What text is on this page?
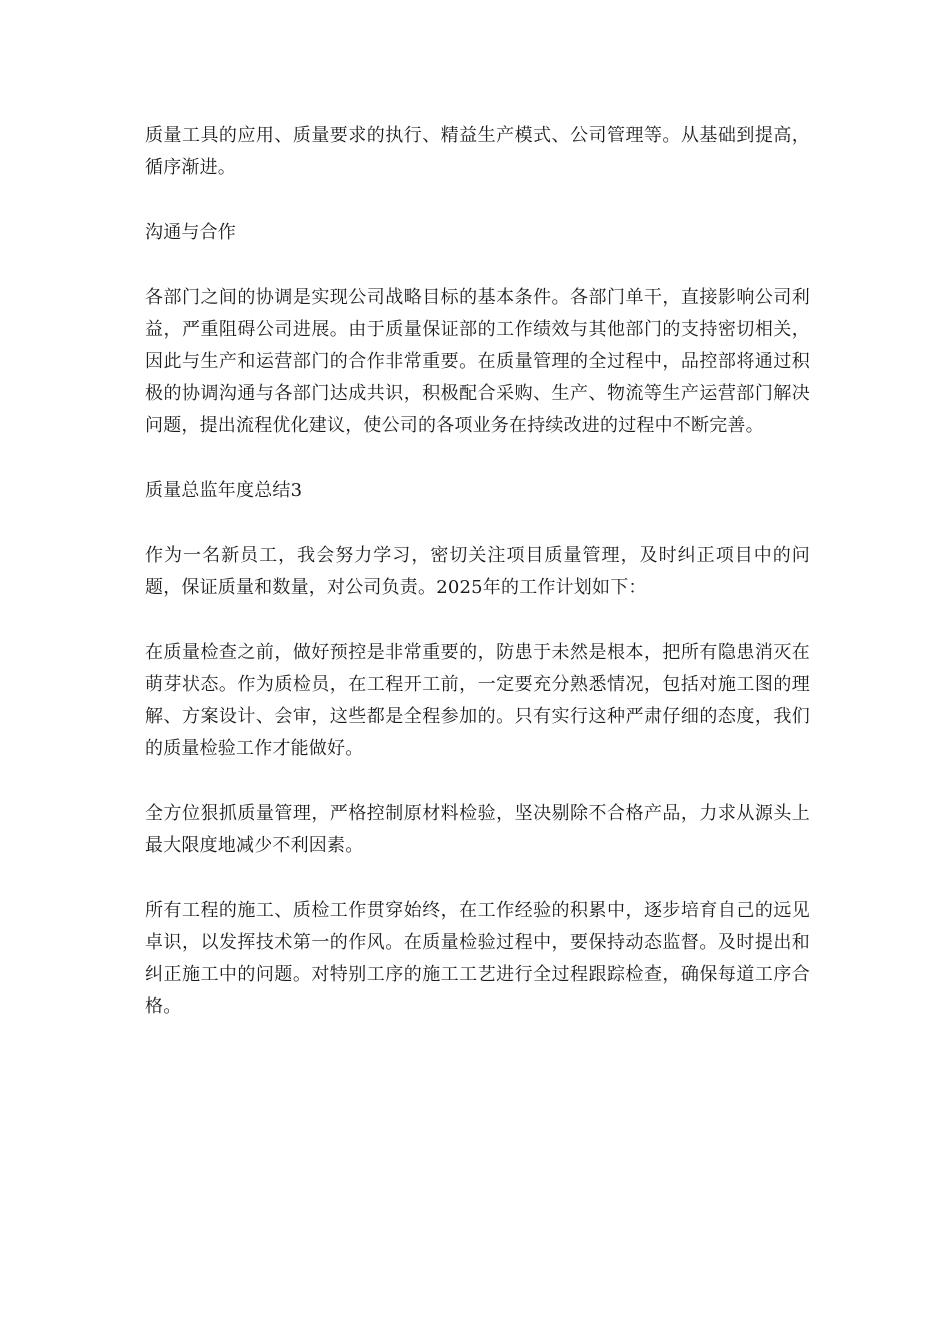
质量工具的应用、质量要求的执行、精益生产模式、公司管理等。从基础到提高，循序渐进。

沟通与合作

各部门之间的协调是实现公司战略目标的基本条件。各部门单干，直接影响公司利益，严重阻碍公司进展。由于质量保证部的工作绩效与其他部门的支持密切相关，因此与生产和运营部门的合作非常重要。在质量管理的全过程中，品控部将通过积极的协调沟通与各部门达成共识，积极配合采购、生产、物流等生产运营部门解决问题，提出流程优化建议，使公司的各项业务在持续改进的过程中不断完善。

质量总监年度总结3

作为一名新员工，我会努力学习，密切关注项目质量管理，及时纠正项目中的问题，保证质量和数量，对公司负责。2025年的工作计划如下：

在质量检查之前，做好预控是非常重要的，防患于未然是根本，把所有隐患消灭在萌芽状态。作为质检员，在工程开工前，一定要充分熟悉情况，包括对施工图的理解、方案设计、会审，这些都是全程参加的。只有实行这种严肃仔细的态度，我们的质量检验工作才能做好。

全方位狠抓质量管理，严格控制原材料检验，坚决剔除不合格产品，力求从源头上最大限度地减少不利因素。

所有工程的施工、质检工作贯穿始终，在工作经验的积累中，逐步培育自己的远见卓识，以发挥技术第一的作风。在质量检验过程中，要保持动态监督。及时提出和纠正施工中的问题。对特别工序的施工工艺进行全过程跟踪检查，确保每道工序合格。
